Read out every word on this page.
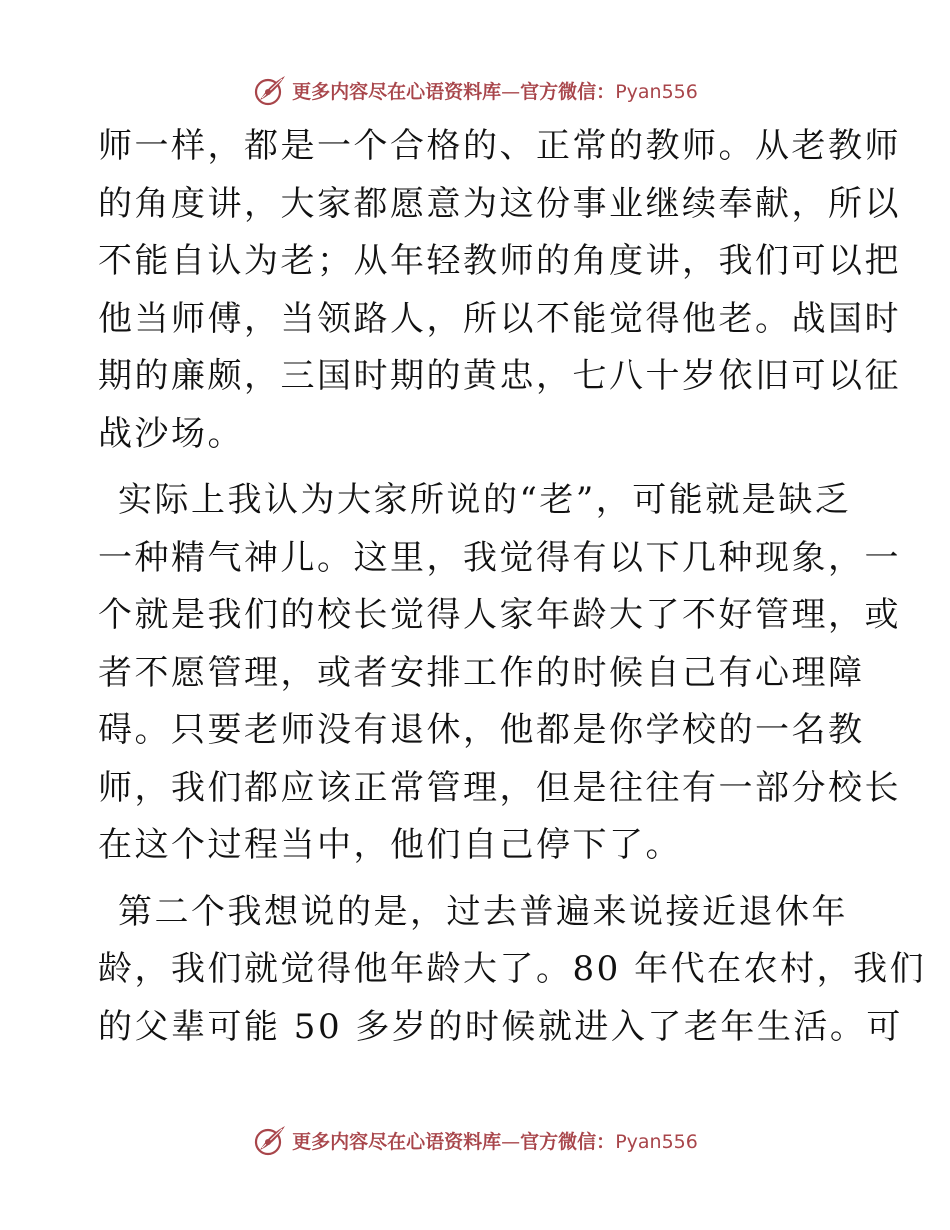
更多内容尽在心语资料库—官方微信：Pyan556
师一样，都是一个合格的、正常的教师。从老教师
的角度讲，大家都愿意为这份事业继续奉献，所以
不能自认为老；从年轻教师的角度讲，我们可以把
他当师傅，当领路人，所以不能觉得他老。战国时
期的廉颇，三国时期的黄忠，七八十岁依旧可以征
战沙场。
实际上我认为大家所说的“老”，可能就是缺乏
一种精气神儿。这里，我觉得有以下几种现象，一
个就是我们的校长觉得人家年龄大了不好管理，或
者不愿管理，或者安排工作的时候自己有心理障
碍。只要老师没有退休，他都是你学校的一名教
师，我们都应该正常管理，但是往往有一部分校长
在这个过程当中，他们自己停下了。
第二个我想说的是，过去普遍来说接近退休年
龄，我们就觉得他年龄大了。80 年代在农村，我们
的父辈可能 50 多岁的时候就进入了老年生活。可
更多内容尽在心语资料库—官方微信：Pyan556
